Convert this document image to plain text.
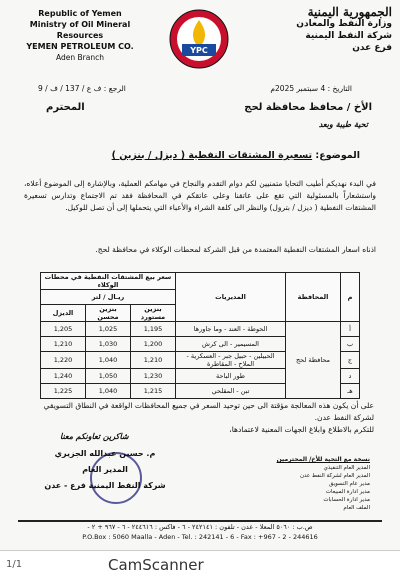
Republic of Yemen
Ministry of Oil Mineral Resources
YEMEN PETROLEUM CO.
Aden Branch
YPC
الجمهورية اليمنية
وزارة النفط والمعادن
شركة النفط اليمنية
فرع عدن
الرجع : ف ع / 137 / ف / 9	التاريخ : 4 سبتمبر 2025م
الأخ / محافظ محافظة لحج
المحترم
تحية طيبة وبعد
الموضوع: تسعيرة المشتقات النفطية ( ديزل / بنزين )
في البدء نهديكم أطيب التحايا متمنيين لكم دوام التقدم والنجاح في مهامكم العملية، وبالإشارة إلى الموضوع أعلاه، واستشعاراً بالمسئولية التي تقع على عاتقنا وعلى عاتقكم في المحافظة فقد تم الاجتماع وتدارس تسعيرة المشتقات النفطية ( ديزل / بترول) والنظر الى كلفة الشراء والأعباء التي يتحملها إلى أن تصل للوكيل.
اذناه اسعار المشتقات النفطية المعتمدة من قبل الشركة لمحطات الوكلاء في محافظة لحج.
م	المحافظة	المديريات	سعر بيع المشتقات النفطية في محطات الوكلاء		
			ريـال / لتر		
			بنزين مستورد	بنزين محسن	الديزل
أ	محافظة لحج	الحوطة - العند - وما جاورها	1,195	1,025	1,205
ب		المسيمير - الى كرش	1,200	1,030	1,210
ج		الحبيلين - حبيل جبر - العسكرية - الملاح - المقاطرة	1,210	1,040	1,220
د		طور الباحة	1,230	1,050	1,240
هـ		تبن - المقلحي	1,215	1,040	1,225
على أن يكون هذه المعالجة مؤقتة الى حين توحيد السعر في جميع المحافظات الواقعة في النطاق التسويقي لشركة النفط عدن.
للتكرم بالاطلاع وابلاغ الجهات المعنية لاعتمادها،
شاكرين تعاونكم معنا
م. حسين عبدالله الجزيري
المدير العام
شركة النفط اليمنية فرع - عدن
نسخة مع التحية للأخ/ المحترمين
المدير العام التنفيذي
المدير العام لشركة النفط عدن
مدير عام التسويق
مدير ادارة المبيعات
مدير ادارة الحسابات
الملف العام
ص.ب : ٥٠٦٠ المعلا - عدن - تلفون : ٢٤٢١٤١ - ٦ - فاكس : ٢٤٤٦١٦ - ٦ - ٩٦٧ + ٢ -
P.O.Box : 5060 Maalla - Aden - Tel. : 242141 - 6 - Fax : +967 - 2 - 244616
1/1	CamScanner
